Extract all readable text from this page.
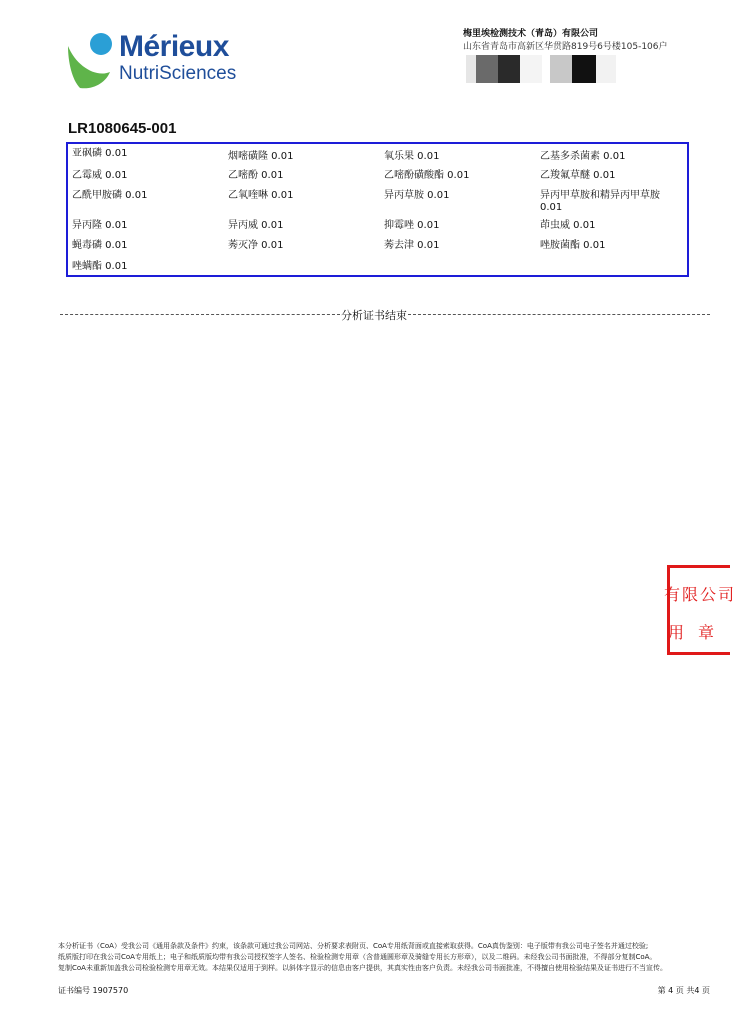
Mérieux
NutriSciences
梅里埃检测技术（青岛）有限公司
山东省青岛市高新区华贯路819号6号楼105-106户
LR1080645-001
亚砜磷 0.01	烟嘧磺隆 0.01	氧乐果 0.01	乙基多杀菌素 0.01
乙霉威 0.01	乙嘧酚 0.01	乙嘧酚磺酸酯 0.01	乙羧氟草醚 0.01
乙酰甲胺磷 0.01	乙氧喹啉 0.01	异丙草胺 0.01	异丙甲草胺和精异丙甲草胺 0.01
异丙隆 0.01	异丙威 0.01	抑霉唑 0.01	茚虫威 0.01
蝇毒磷 0.01	莠灭净 0.01	莠去津 0.01	唑胺菌酯 0.01
唑螨酯 0.01
分析证书结束
有限公司
用章
本分析证书（CoA）受我公司《通用条款及条件》约束，该条款可通过我公司网站、分析要求表附页、CoA专用纸背面或直接索取获得。CoA真伪鉴别：电子版带有我公司电子签名并通过校验;
纸质版打印在我公司CoA专用纸上；电子和纸质版均带有我公司授权签字人签名、检验检测专用章（含普通圆形章及骑缝专用长方形章），以及二维码。未经我公司书面批准，不得部分复制CoA。
复制CoA未重新加盖我公司检验检测专用章无效。本结果仅适用于到样。以斜体字显示的信息由客户提供，其真实性由客户负责。未经我公司书面批准，不得擅自使用检验结果及证书进行不当宣传。
证书编号 1907570	第 4 页 共4 页
